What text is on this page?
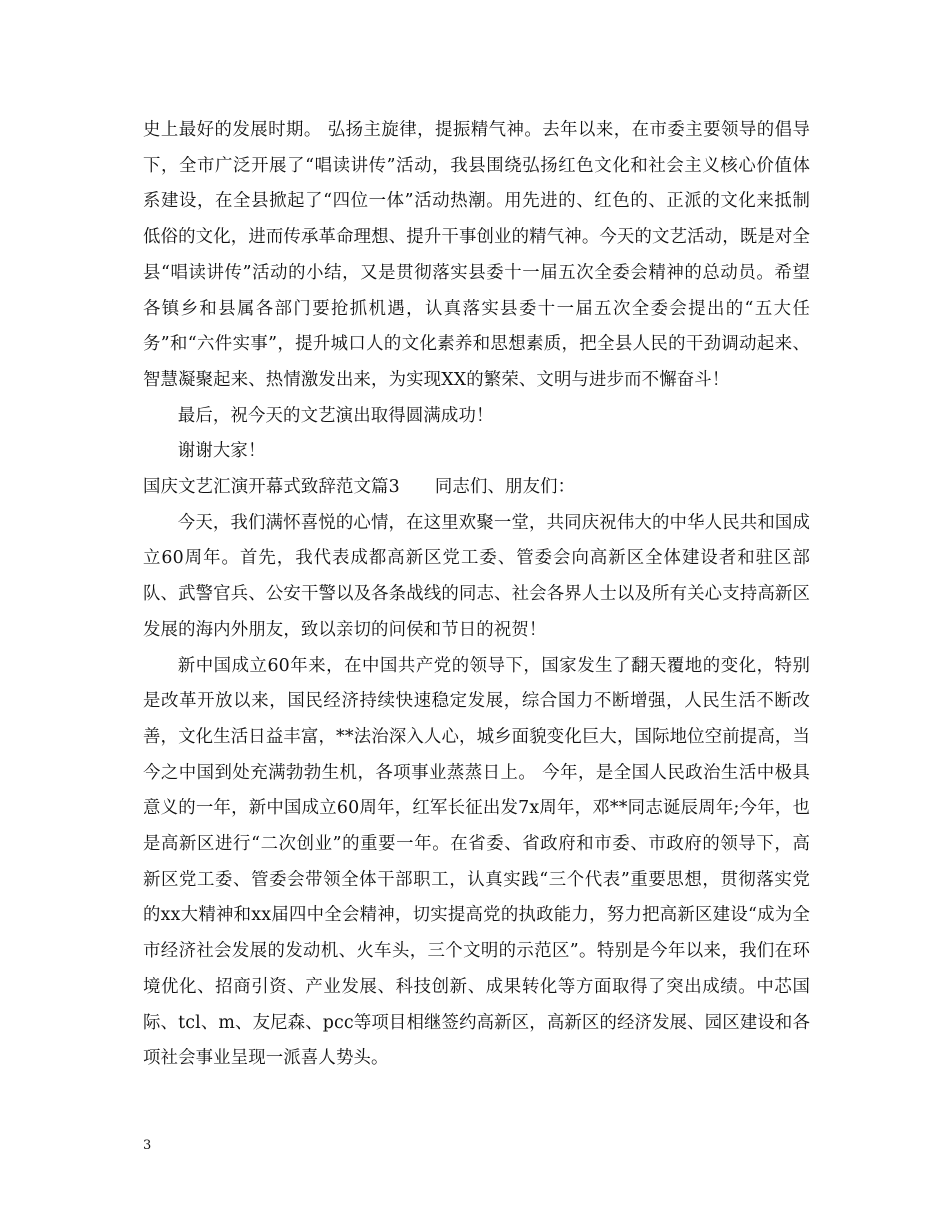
史上最好的发展时期。 弘扬主旋律，提振精气神。去年以来，在市委主要领导的倡导下，全市广泛开展了“唱读讲传”活动，我县围绕弘扬红色文化和社会主义核心价值体系建设，在全县掀起了“四位一体”活动热潮。用先进的、红色的、正派的文化来抵制低俗的文化，进而传承革命理想、提升干事创业的精气神。今天的文艺活动，既是对全县“唱读讲传”活动的小结，又是贯彻落实县委十一届五次全委会精神的总动员。希望各镇乡和县属各部门要抢抓机遇，认真落实县委十一届五次全委会提出的“五大任务”和“六件实事”，提升城口人的文化素养和思想素质，把全县人民的干劲调动起来、智慧凝聚起来、热情激发出来，为实现XX的繁荣、文明与进步而不懈奋斗！

最后，祝今天的文艺演出取得圆满成功！

谢谢大家！

国庆文艺汇演开幕式致辞范文篇3　　同志们、朋友们：

今天，我们满怀喜悦的心情，在这里欢聚一堂，共同庆祝伟大的中华人民共和国成立60周年。首先，我代表成都高新区党工委、管委会向高新区全体建设者和驻区部队、武警官兵、公安干警以及各条战线的同志、社会各界人士以及所有关心支持高新区发展的海内外朋友，致以亲切的问侯和节日的祝贺！

新中国成立60年来，在中国共产党的领导下，国家发生了翻天覆地的变化，特别是改革开放以来，国民经济持续快速稳定发展，综合国力不断增强，人民生活不断改善，文化生活日益丰富，**法治深入人心，城乡面貌变化巨大，国际地位空前提高，当今之中国到处充满勃勃生机，各项事业蒸蒸日上。 今年，是全国人民政治生活中极具意义的一年，新中国成立60周年，红军长征出发7x周年，邓**同志诞辰周年;今年，也是高新区进行“二次创业”的重要一年。在省委、省政府和市委、市政府的领导下，高新区党工委、管委会带领全体干部职工，认真实践“三个代表”重要思想，贯彻落实党的xx大精神和xx届四中全会精神，切实提高党的执政能力，努力把高新区建设“成为全市经济社会发展的发动机、火车头，三个文明的示范区”。特别是今年以来，我们在环境优化、招商引资、产业发展、科技创新、成果转化等方面取得了突出成绩。中芯国际、tcl、m、友尼森、pcc等项目相继签约高新区，高新区的经济发展、园区建设和各项社会事业呈现一派喜人势头。

3
